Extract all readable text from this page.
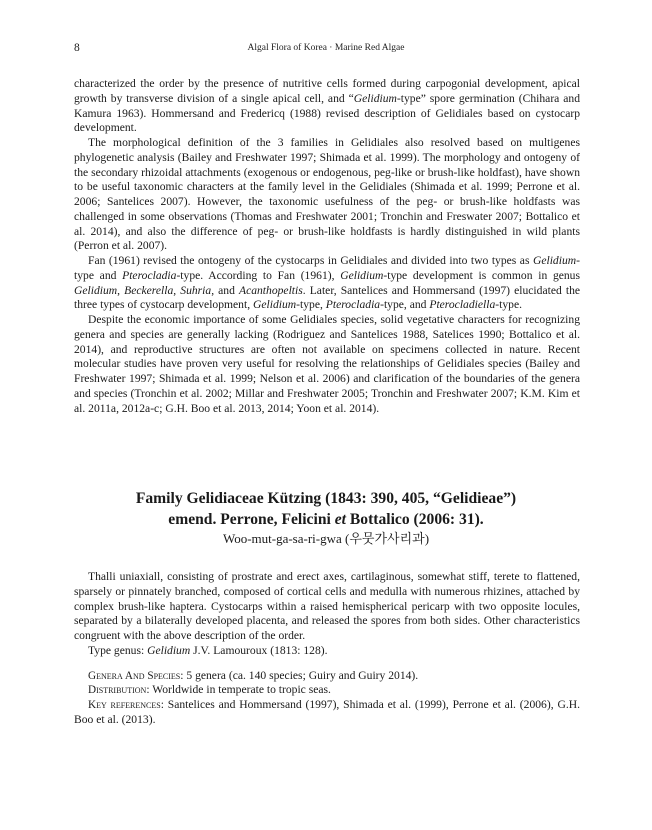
8	Algal Flora of Korea · Marine Red Algae

characterized the order by the presence of nutritive cells formed during carpogonial development, apical growth by transverse division of a single apical cell, and “Gelidium-type” spore germination (Chihara and Kamura 1963). Hommersand and Fredericq (1988) revised description of Gelidiales based on cystocarp development.

The morphological definition of the 3 families in Gelidiales also resolved based on multigenes phylogenetic analysis (Bailey and Freshwater 1997; Shimada et al. 1999). The morphology and ontogeny of the secondary rhizoidal attachments (exogenous or endogenous, peg-like or brush-like holdfast), have shown to be useful taxonomic characters at the family level in the Gelidiales (Shimada et al. 1999; Perrone et al. 2006; Santelices 2007). However, the taxonomic usefulness of the peg- or brush-like holdfasts was challenged in some observations (Thomas and Freshwater 2001; Tronchin and Freswater 2007; Bottalico et al. 2014), and also the difference of peg- or brush-like holdfasts is hardly distinguished in wild plants (Perron et al. 2007).

Fan (1961) revised the ontogeny of the cystocarps in Gelidiales and divided into two types as Gelidium-type and Pterocladia-type. According to Fan (1961), Gelidium-type development is common in genus Gelidium, Beckerella, Suhria, and Acanthopeltis. Later, Santelices and Hommersand (1997) elucidated the three types of cystocarp development, Gelidium-type, Pterocladia-type, and Pterocladiella-type.

Despite the economic importance of some Gelidiales species, solid vegetative characters for recognizing genera and species are generally lacking (Rodriguez and Santelices 1988, Satelices 1990; Bottalico et al. 2014), and reproductive structures are often not available on specimens collected in nature. Recent molecular studies have proven very useful for resolving the relationships of Gelidiales species (Bailey and Freshwater 1997; Shimada et al. 1999; Nelson et al. 2006) and clarification of the boundaries of the genera and species (Tronchin et al. 2002; Millar and Freshwater 2005; Tronchin and Freshwater 2007; K.M. Kim et al. 2011a, 2012a-c; G.H. Boo et al. 2013, 2014; Yoon et al. 2014).

Family Gelidiaceae Kützing (1843: 390, 405, “Gelidieae”)
emend. Perrone, Felicini et Bottalico (2006: 31).
Woo-mut-ga-sa-ri-gwa (우뭇가사리과)

Thalli uniaxiall, consisting of prostrate and erect axes, cartilaginous, somewhat stiff, terete to flattened, sparsely or pinnately branched, composed of cortical cells and medulla with numerous rhizines, attached by complex brush-like haptera. Cystocarps within a raised hemispherical pericarp with two opposite locules, separated by a bilaterally developed placenta, and released the spores from both sides. Other characteristics congruent with the above description of the order.

Type genus: Gelidium J.V. Lamouroux (1813: 128).

Genera And Species: 5 genera (ca. 140 species; Guiry and Guiry 2014).

Distribution: Worldwide in temperate to tropic seas.

Key references: Santelices and Hommersand (1997), Shimada et al. (1999), Perrone et al. (2006), G.H. Boo et al. (2013).
